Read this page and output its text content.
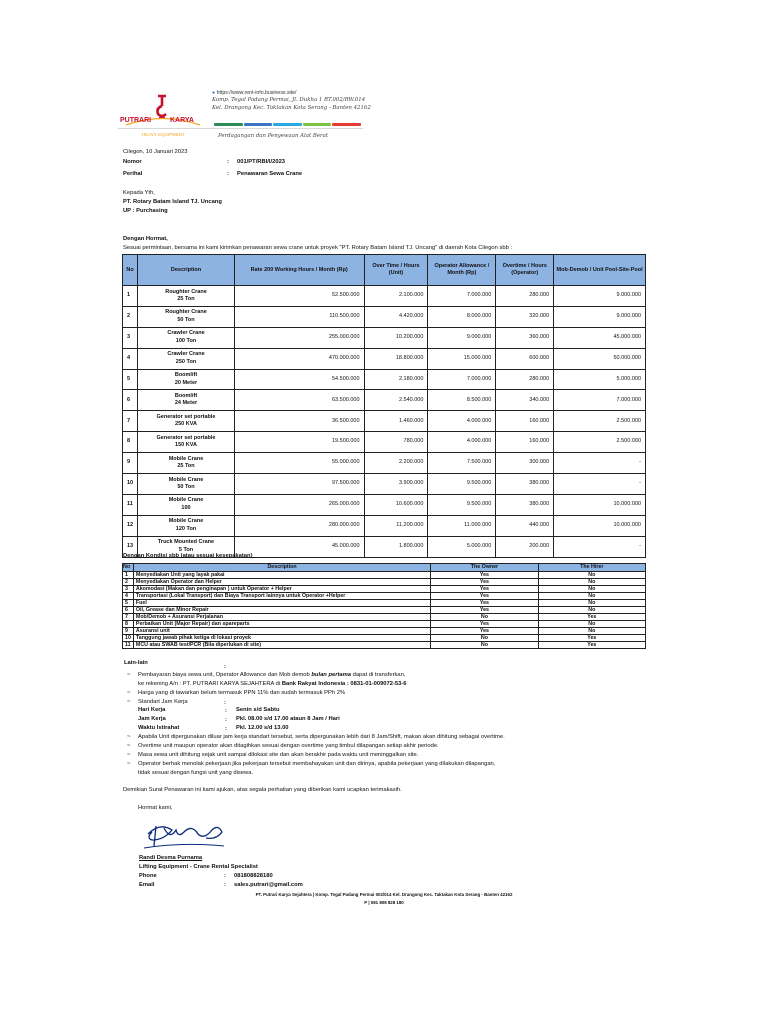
PUTRARI	KARYA
HEAVY EQUIPMENT
● https://www.rent-info.business.site/
Komp. Tegal Padang Permai, Jl. Dukha 1 RT.002/RW.014
Kel. Drangong Kec. Taktakan Kota Serang - Banten 42162
Perdagangan dan Penyewaan Alat Berat
Cilegon, 10 Januari 2023
Nomor	: 001/PT/RBI/I/2023
Perihal	: Penawaran Sewa Crane
Kepada Yth,
PT. Rotary Batam Island TJ. Uncang
UP : Purchasing
Dengan Hormat,
Sesuai permintaan, bersama ini kami kirimkan penawaran sewa crane untuk proyek "PT. Rotary Batam Island TJ. Uncang" di daerah Kota Cilegon sbb :
No	Description	Rate 200 Working Hours / Month (Rp)	Over Time / Hours (Unit)	Operator Allowance / Month (Rp)	Overtime / Hours (Operator)	Mob-Demob / Unit Pool-Site-Pool
1	Roughter Crane
25 Ton	52.500.000	2.100.000	7.000.000	280.000	9.000.000
2	Roughter Crane
50 Ton	110.500.000	4.420.000	8.000.000	320.000	9.000.000
3	Crawler Crane
100 Ton	255.000.000	10.200.000	9.000.000	360.000	45.000.000
4	Crawler Crane
250 Ton	470.000.000	18.800.000	15.000.000	600.000	50.000.000
5	Boomlift
20 Meter	54.500.000	2.180.000	7.000.000	280.000	5.000.000
6	Boomlift
24 Meter	63.500.000	2.540.000	8.500.000	340.000	7.000.000
7	Generator set portable
250 KVA	36.500.000	1.460.000	4.000.000	160.000	2.500.000
8	Generator set portable
150 KVA	19.500.000	780.000	4.000.000	160.000	2.500.000
9	Mobile Crane
25 Ton	55.000.000	2.200.000	7.500.000	300.000	-
10	Mobile Crane
50 Ton	97.500.000	3.900.000	9.500.000	380.000	-
11	Mobile Crane
100	265.000.000	10.600.000	9.500.000	380.000	10.000.000
12	Mobile Crane
120 Ton	280.000.000	11.200.000	11.000.000	440.000	10.000.000
13	Truck Mounted Crane
5 Ton	45.000.000	1.800.000	5.000.000	200.000	-
Dengan Kondisi sbb (atau sesuai kesepakatan)
No	Description	The Owner	The Hirer
1	Menyediakan Unit yang layak pakai	Yes	No
2	Menyediakan Operator dan Helper	Yes	No
3	Akomodasi (Makan dan penginapan ) untuk Operator + Helper	Yes	No
4	Transportasi (Lokal Transport) dan Biaya Transport lainnya untuk Operator +Helper	Yes	No
5	Fuel	Yes	No
6	Oil, Grease dan Minor Repair	Yes	No
7	Mob/Demob + Asuransi Perjalanan	No	Yes
8	Perbaikan Unit (Major Repair) dan spareparts	Yes	No
9	Asuransi unit	Yes	No
10	Tanggung jawab pihak ketiga di lokasi proyek	No	Yes
11	MCU atau SWAB test/PCR (Bila diperlukan di site)	No	Yes
Lain-lain
:
~ Pembayaran biaya sewa unit, Operator Allowance dan Mob demob bulan pertama dapat di transferkan,
ke rekening A/n : PT. PUTRARI KARYA SEJAHTERA di Bank Rakyat Indonesia : 0831-01-009072-53-6
~ Harga yang di tawarkan belum termasuk PPN 11% dan sudah termasuk PPh 2%
~ Standart Jam Kerja	:
Hari Kerja	: Senin s/d Sabtu
Jam Kerja	: Pkl. 08.00 s/d 17.00 ataun 8 Jam / Hari
Waktu Istirahat	: Pkl. 12.00 s/d 13.00
~ Apabila Unit dipergunakan diluar jam kerja standart tersebut, serta dipergunakan lebih dari 8 Jam/Shift, makan akan dihitung sebagai overtime.
~ Overtime unit maupun operator akan ditagihkan sesuai dengan overtime yang timbul dilapangan setiap akhir periode.
~ Masa sewa unit dihitung sejak unit sampai dilokasi site dan akan berakhir pada waktu unit meninggalkan site.
~ Operator berhak menolak pekerjaan jika pekerjaan tersebut membahayakan unit dan dirinya, apabila pekerjaan yang dilakukan dilapangan,
tidak sesuai dengan fungsi unit yang disewa.
Demikian Surat Penawaran ini kami ajukan, atas segala perhatian yang diberikan kami ucapkan terimakasih.
Hormat kami,
Randi Desma Purnama
Lifting Equipment - Crane Rental Specialist
Phone	: 081808828180
Email	: sales.putrari@gmail.com
PT. Putrari Karya Sejahtera | Komp. Tegal Padang Permai 002/014 Kel. Drangong Kec. Taktakan Kota Serang - Banten 42162
P | 081 808 828 180
